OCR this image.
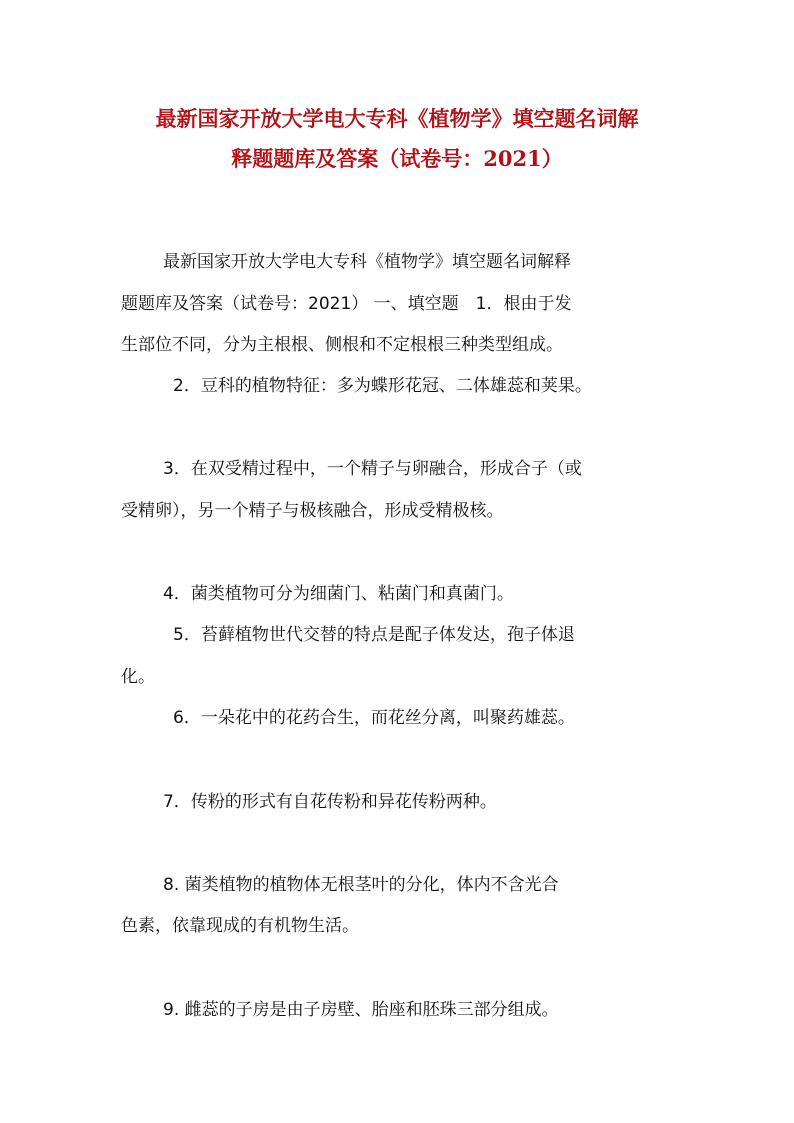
最新国家开放大学电大专科《植物学》填空题名词解
释题题库及答案（试卷号：2021）
最新国家开放大学电大专科《植物学》填空题名词解释
题题库及答案（试卷号：2021） 一、填空题　1．根由于发
生部位不同，分为主根根、侧根和不定根根三种类型组成。
2．豆科的植物特征：多为蝶形花冠、二体雄蕊和荚果。
3．在双受精过程中，一个精子与卵融合，形成合子（或
受精卵），另一个精子与极核融合，形成受精极核。
4．菌类植物可分为细菌门、粘菌门和真菌门。
5．苔藓植物世代交替的特点是配子体发达，孢子体退
化。
6．一朵花中的花药合生，而花丝分离，叫聚药雄蕊。
7．传粉的形式有自花传粉和异花传粉两种。
8. 菌类植物的植物体无根茎叶的分化，体内不含光合
色素，依靠现成的有机物生活。
9. 雌蕊的子房是由子房壁、胎座和胚珠三部分组成。
